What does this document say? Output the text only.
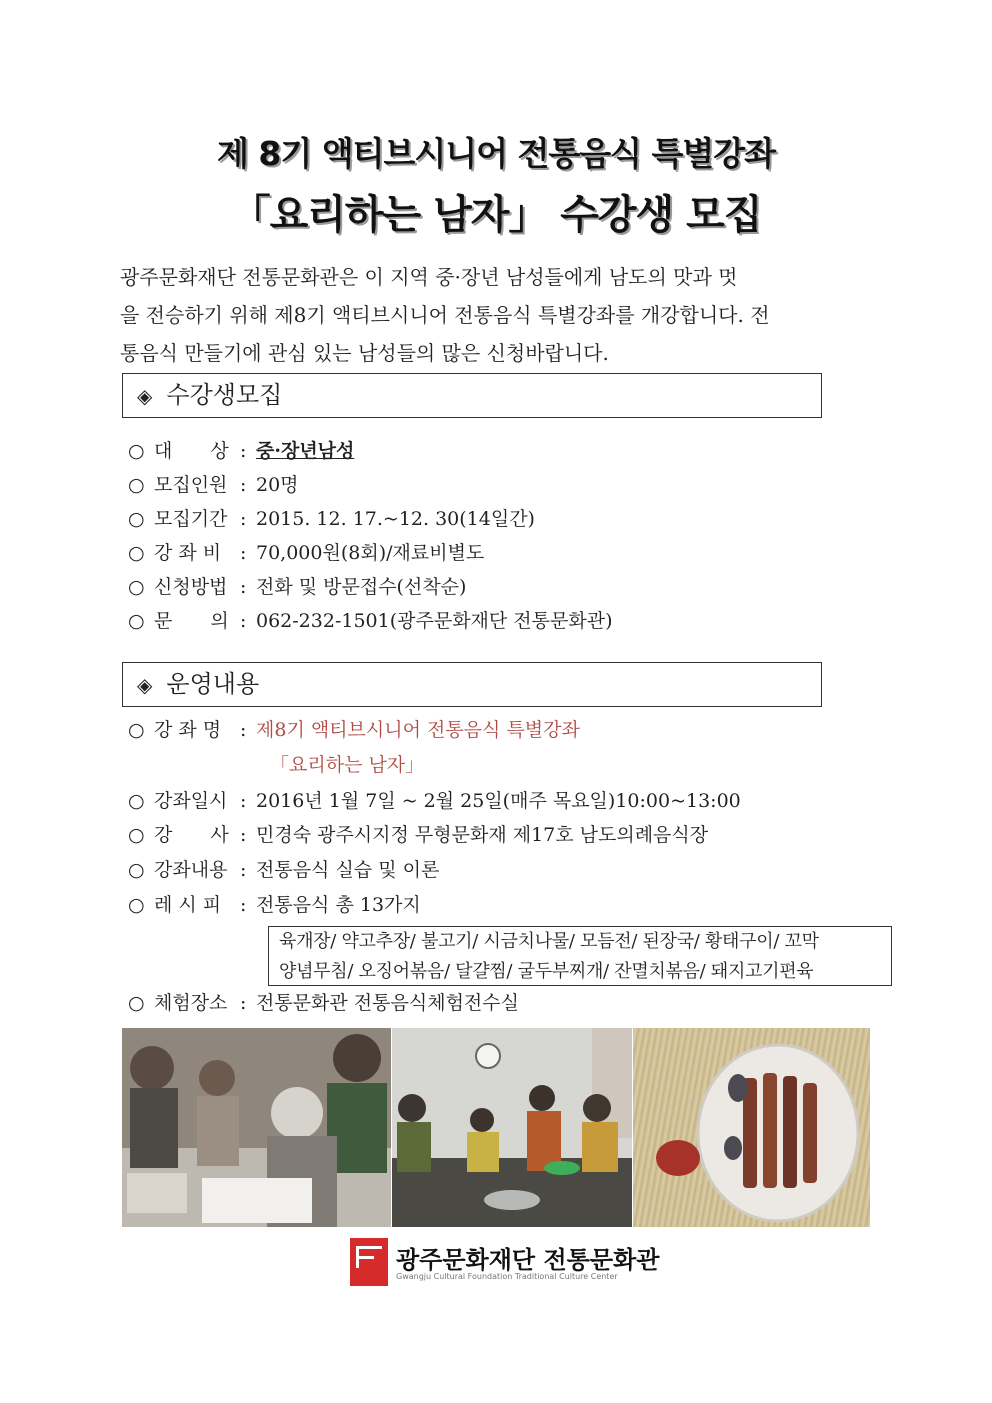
제 8기 액티브시니어 전통음식 특별강좌
「요리하는 남자」 수강생 모집

광주문화재단 전통문화관은 이 지역 중·장년 남성들에게 남도의 맛과 멋

을 전승하기 위해 제8기 액티브시니어 전통음식 특별강좌를 개강합니다. 전

통음식 만들기에 관심 있는 남성들의 많은 신청바랍니다.

◈ 수강생모집
○ 대　　상 : 중·장년남성
○ 모집인원 : 20명
○ 모집기간 : 2015. 12. 17.~12. 30(14일간)
○ 강 좌 비 : 70,000원(8회)/재료비별도
○ 신청방법 : 전화 및 방문접수(선착순)
○ 문　　의 : 062-232-1501(광주문화재단 전통문화관)
◈ 운영내용
○ 강 좌 명 : 제8기 액티브시니어 전통음식 특별강좌
「요리하는 남자」
○ 강좌일시 : 2016년 1월 7일 ~ 2월 25일(매주 목요일)10:00~13:00
○ 강　　사 : 민경숙 광주시지정 무형문화재 제17호 남도의례음식장
○ 강좌내용 : 전통음식 실습 및 이론
○ 레 시 피 : 전통음식 총 13가지
육개장/ 약고추장/ 불고기/ 시금치나물/ 모듬전/ 된장국/ 황태구이/ 꼬막
양념무침/ 오징어볶음/ 달걀찜/ 굴두부찌개/ 잔멸치볶음/ 돼지고기편육
○ 체험장소 : 전통문화관 전통음식체험전수실
광주문화재단 전통문화관
Gwangju Cultural Foundation Traditional Culture Center
